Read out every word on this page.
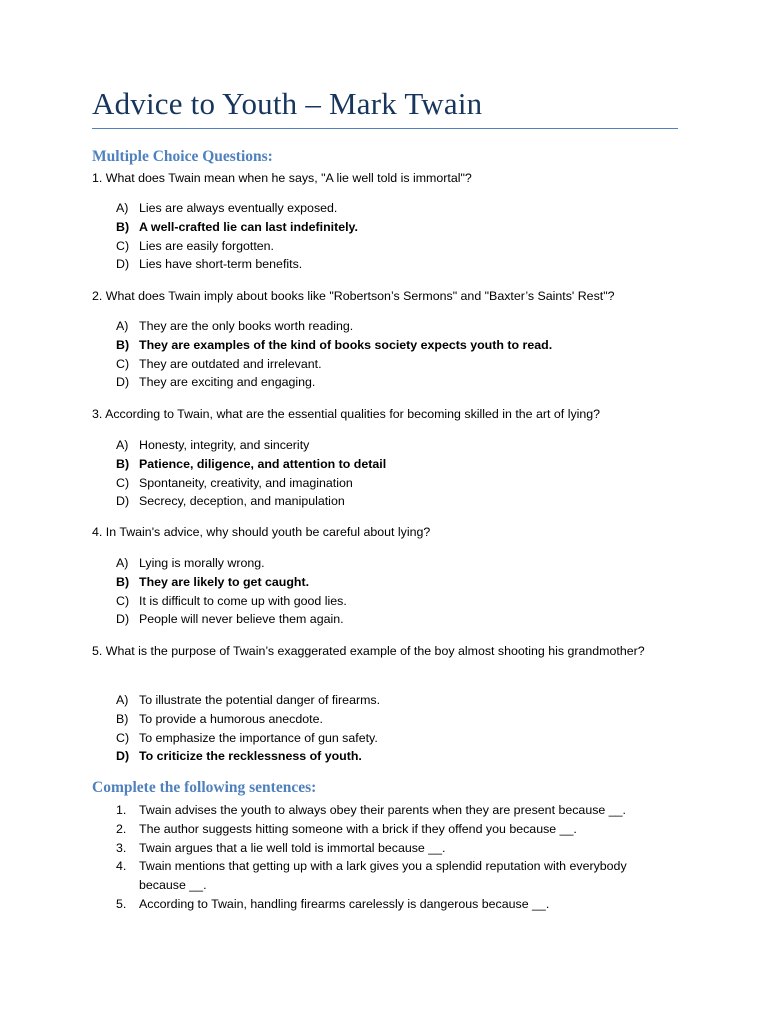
Advice to Youth – Mark Twain
Multiple Choice Questions:

1. What does Twain mean when he says, "A lie well told is immortal"?

A) Lies are always eventually exposed.
B) A well-crafted lie can last indefinitely.
C) Lies are easily forgotten.
D) Lies have short-term benefits.

2. What does Twain imply about books like "Robertson’s Sermons" and "Baxter’s Saints' Rest"?

A) They are the only books worth reading.
B) They are examples of the kind of books society expects youth to read.
C) They are outdated and irrelevant.
D) They are exciting and engaging.

3. According to Twain, what are the essential qualities for becoming skilled in the art of lying?

A) Honesty, integrity, and sincerity
B) Patience, diligence, and attention to detail
C) Spontaneity, creativity, and imagination
D) Secrecy, deception, and manipulation

4. In Twain's advice, why should youth be careful about lying?

A) Lying is morally wrong.
B) They are likely to get caught.
C) It is difficult to come up with good lies.
D) People will never believe them again.

5. What is the purpose of Twain’s exaggerated example of the boy almost shooting his grandmother?

A) To illustrate the potential danger of firearms.
B) To provide a humorous anecdote.
C) To emphasize the importance of gun safety.
D) To criticize the recklessness of youth.
Complete the following sentences:
1. Twain advises the youth to always obey their parents when they are present because __.
2. The author suggests hitting someone with a brick if they offend you because __.
3. Twain argues that a lie well told is immortal because __.
4. Twain mentions that getting up with a lark gives you a splendid reputation with everybody because __.
5. According to Twain, handling firearms carelessly is dangerous because __.
